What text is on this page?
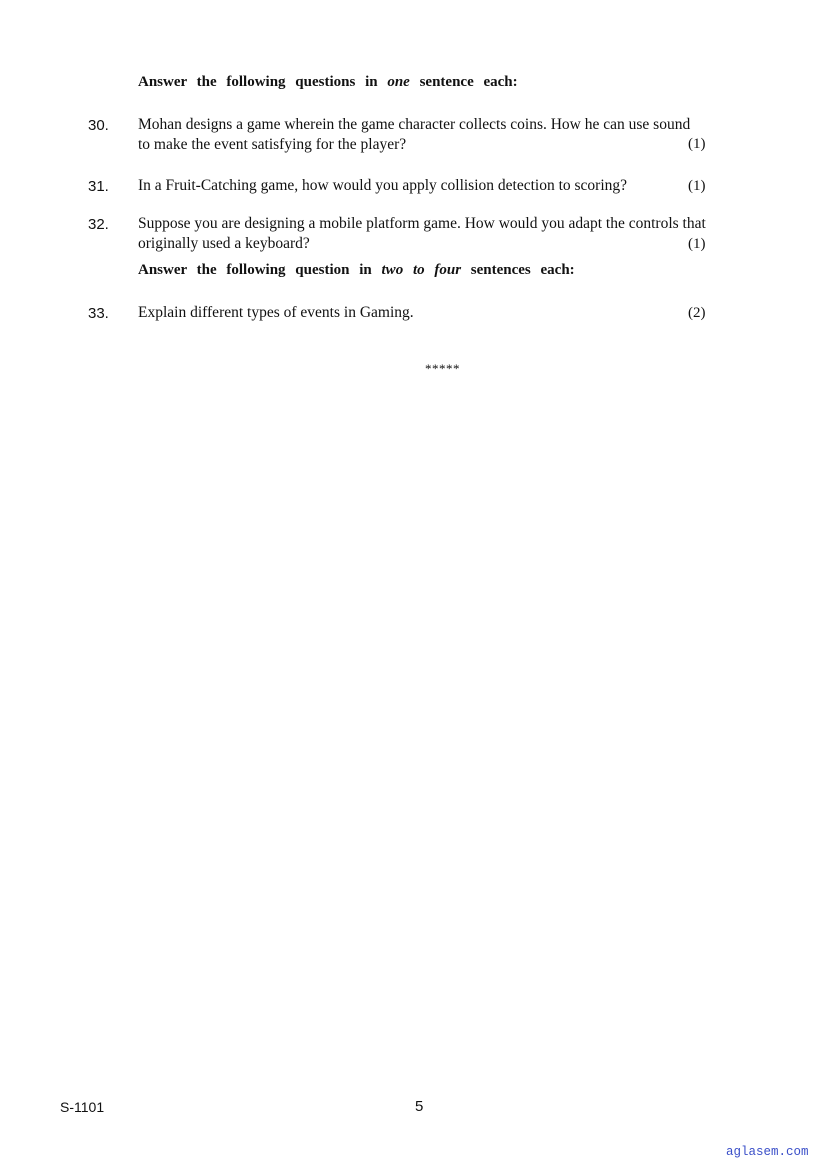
Answer the following questions in one sentence each:
30. Mohan designs a game wherein the game character collects coins. How he can use sound
to make the event satisfying for the player?	(1)
31. In a Fruit-Catching game, how would you apply collision detection to scoring?	(1)
32. Suppose you are designing a mobile platform game. How would you adapt the controls that
originally used a keyboard?	(1)
Answer the following question in two to four sentences each:
33. Explain different types of events in Gaming.	(2)
*****
S-1101	5
aglasem.com
